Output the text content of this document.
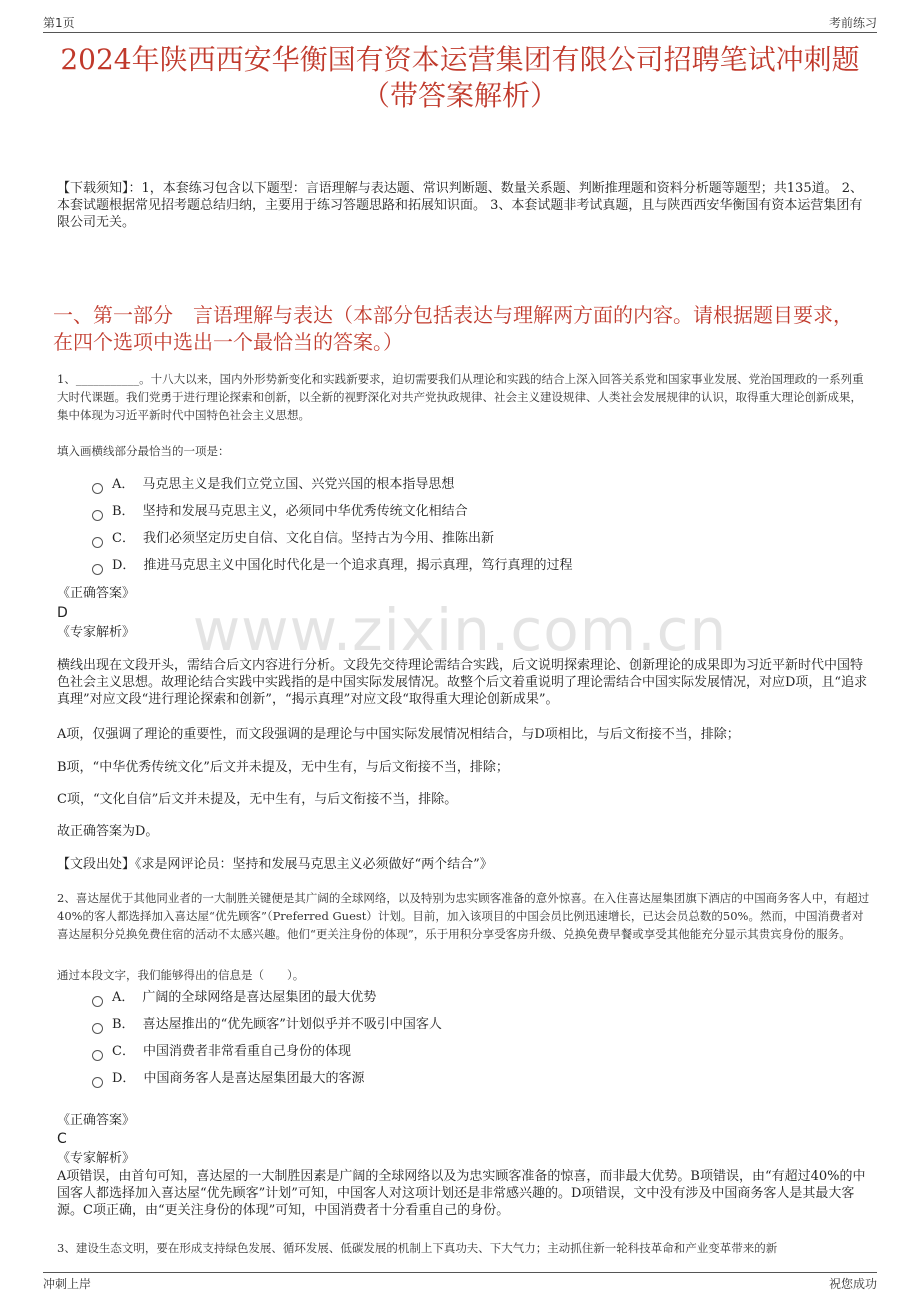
第1页	考前练习
2024年陕西西安华衡国有资本运营集团有限公司招聘笔试冲刺题（带答案解析）
【下载须知】：1，本套练习包含以下题型：言语理解与表达题、常识判断题、数量关系题、判断推理题和资料分析题等题型；共135道。 2、本套试题根据常见招考题总结归纳，主要用于练习答题思路和拓展知识面。 3、本套试题非考试真题，且与陕西西安华衡国有资本运营集团有限公司无关。
一、第一部分　言语理解与表达（本部分包括表达与理解两方面的内容。请根据题目要求，在四个选项中选出一个最恰当的答案。）
www.zixin.com.cn
1、___________。十八大以来，国内外形势新变化和实践新要求，迫切需要我们从理论和实践的结合上深入回答关系党和国家事业发展、党治国理政的一系列重大时代课题。我们党勇于进行理论探索和创新，以全新的视野深化对共产党执政规律、社会主义建设规律、人类社会发展规律的认识，取得重大理论创新成果，集中体现为习近平新时代中国特色社会主义思想。
填入画横线部分最恰当的一项是：
A． 马克思主义是我们立党立国、兴党兴国的根本指导思想
B． 坚持和发展马克思主义，必须同中华优秀传统文化相结合
C． 我们必须坚定历史自信、文化自信。坚持古为今用、推陈出新
D． 推进马克思主义中国化时代化是一个追求真理，揭示真理，笃行真理的过程
《正确答案》
D
《专家解析》
横线出现在文段开头，需结合后文内容进行分析。文段先交待理论需结合实践，后文说明探索理论、创新理论的成果即为习近平新时代中国特色社会主义思想。故理论结合实践中实践指的是中国实际发展情况。故整个后文着重说明了理论需结合中国实际发展情况，对应D项，且“追求真理”对应文段“进行理论探索和创新”，“揭示真理”对应文段“取得重大理论创新成果”。
A项，仅强调了理论的重要性，而文段强调的是理论与中国实际发展情况相结合，与D项相比，与后文衔接不当，排除；
B项，“中华优秀传统文化”后文并未提及，无中生有，与后文衔接不当，排除；
C项，“文化自信”后文并未提及，无中生有，与后文衔接不当，排除。
故正确答案为D。
【文段出处】《求是网评论员：坚持和发展马克思主义必须做好“两个结合”》
2、喜达屋优于其他同业者的一大制胜关键便是其广阔的全球网络，以及特别为忠实顾客准备的意外惊喜。在入住喜达屋集团旗下酒店的中国商务客人中，有超过40%的客人都选择加入喜达屋“优先顾客”（Preferred Guest）计划。目前，加入该项目的中国会员比例迅速增长，已达会员总数的50%。然而，中国消费者对喜达屋积分兑换免费住宿的活动不太感兴趣。他们“更关注身份的体现”，乐于用积分享受客房升级、兑换免费早餐或享受其他能充分显示其贵宾身份的服务。
通过本段文字，我们能够得出的信息是（　　）。
A． 广阔的全球网络是喜达屋集团的最大优势
B． 喜达屋推出的“优先顾客”计划似乎并不吸引中国客人
C． 中国消费者非常看重自己身份的体现
D． 中国商务客人是喜达屋集团最大的客源
《正确答案》
C
《专家解析》
A项错误，由首句可知，喜达屋的一大制胜因素是广阔的全球网络以及为忠实顾客准备的惊喜，而非最大优势。B项错误，由“有超过40%的中国客人都选择加入喜达屋“优先顾客”计划”可知，中国客人对这项计划还是非常感兴趣的。D项错误，文中没有涉及中国商务客人是其最大客源。C项正确，由“更关注身份的体现”可知，中国消费者十分看重自己的身份。
3、建设生态文明，要在形成支持绿色发展、循环发展、低碳发展的机制上下真功夫、下大气力；主动抓住新一轮科技革命和产业变革带来的新
冲刺上岸	祝您成功
